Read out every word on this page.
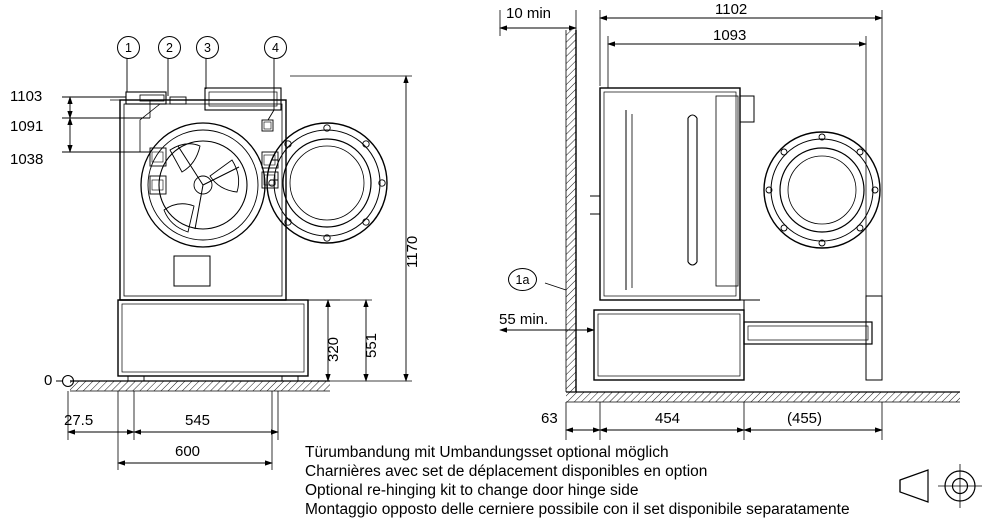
1	2 3	4
1a
1103
1091
1038
0
1170
551
320
27.5	545
600
10 min	1102
1093
55 min.
63	454	(455)
Türumbandung mit Umbandungsset optional möglich
Charnières avec set de déplacement disponibles en option
Optional re-hinging kit to change door hinge side
Montaggio opposto delle cerniere possibile con il set disponibile separatamente
